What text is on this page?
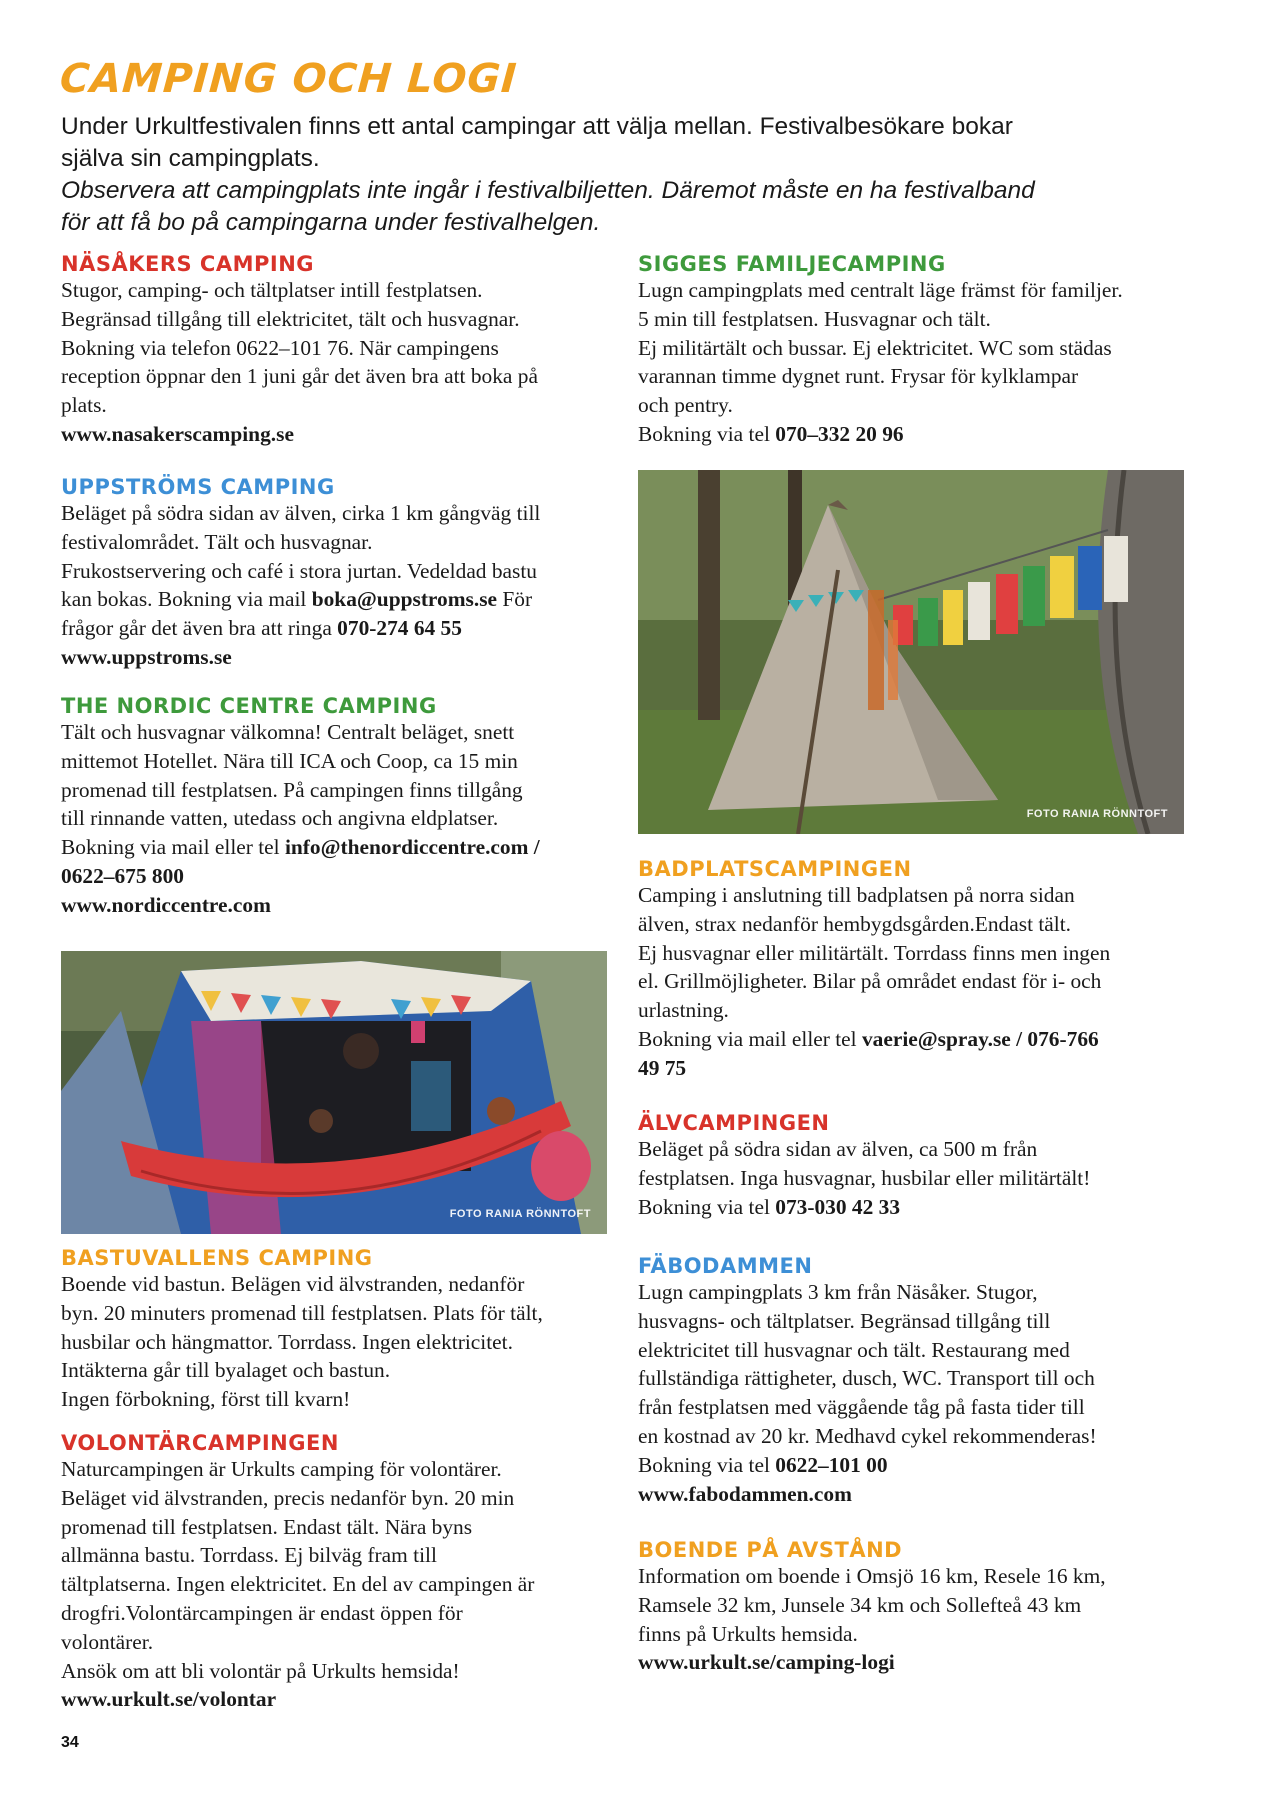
CAMPING OCH LOGI
Under Urkultfestivalen finns ett antal campingar att välja mellan. Festivalbesökare bokar
själva sin campingplats.
Observera att campingplats inte ingår i festivalbiljetten. Däremot måste en ha festivalband
för att få bo på campingarna under festivalhelgen.
NÄSÅKERS CAMPING
Stugor, camping- och tältplatser intill festplatsen.
Begränsad tillgång till elektricitet, tält och husvagnar.
Bokning via telefon 0622–101 76. När campingens
reception öppnar den 1 juni går det även bra att boka på
plats.
www.nasakerscamping.se
UPPSTRÖMS CAMPING
Beläget på södra sidan av älven, cirka 1 km gångväg till
festivalområdet. Tält och husvagnar.
Frukostservering och café i stora jurtan. Vedeldad bastu
kan bokas. Bokning via mail boka@uppstroms.se För
frågor går det även bra att ringa 070-274 64 55
www.uppstroms.se
THE NORDIC CENTRE CAMPING
Tält och husvagnar välkomna! Centralt beläget, snett
mittemot Hotellet. Nära till ICA och Coop, ca 15 min
promenad till festplatsen. På campingen finns tillgång
till rinnande vatten, utedass och angivna eldplatser.
Bokning via mail eller tel info@thenordiccentre.com /
0622–675 800
www.nordiccentre.com
FOTO RANIA RÖNNTOFT
BASTUVALLENS CAMPING
Boende vid bastun. Belägen vid älvstranden, nedanför
byn. 20 minuters promenad till festplatsen. Plats för tält,
husbilar och hängmattor. Torrdass. Ingen elektricitet.
Intäkterna går till byalaget och bastun.
Ingen förbokning, först till kvarn!
VOLONTÄRCAMPINGEN
Naturcampingen är Urkults camping för volontärer.
Beläget vid älvstranden, precis nedanför byn. 20 min
promenad till festplatsen. Endast tält. Nära byns
allmänna bastu. Torrdass. Ej bilväg fram till
tältplatserna. Ingen elektricitet. En del av campingen är
drogfri.Volontärcampingen är endast öppen för
volontärer.
Ansök om att bli volontär på Urkults hemsida!
www.urkult.se/volontar
SIGGES FAMILJECAMPING
Lugn campingplats med centralt läge främst för familjer.
5 min till festplatsen. Husvagnar och tält.
Ej militärtält och bussar. Ej elektricitet. WC som städas
varannan timme dygnet runt. Frysar för kylklampar
och pentry.
Bokning via tel 070–332 20 96
FOTO RANIA RÖNNTOFT
BADPLATSCAMPINGEN
Camping i anslutning till badplatsen på norra sidan
älven, strax nedanför hembygdsgården.Endast tält.
Ej husvagnar eller militärtält. Torrdass finns men ingen
el. Grillmöjligheter. Bilar på området endast för i- och
urlastning.
Bokning via mail eller tel vaerie@spray.se / 076-766
49 75
ÄLVCAMPINGEN
Beläget på södra sidan av älven, ca 500 m från
festplatsen. Inga husvagnar, husbilar eller militärtält!
Bokning via tel 073-030 42 33
FÄBODAMMEN
Lugn campingplats 3 km från Näsåker. Stugor,
husvagns- och tältplatser. Begränsad tillgång till
elektricitet till husvagnar och tält. Restaurang med
fullständiga rättigheter, dusch, WC. Transport till och
från festplatsen med väggående tåg på fasta tider till
en kostnad av 20 kr. Medhavd cykel rekommenderas!
Bokning via tel 0622–101 00
www.fabodammen.com
BOENDE PÅ AVSTÅND
Information om boende i Omsjö 16 km, Resele 16 km,
Ramsele 32 km, Junsele 34 km och Sollefteå 43 km
finns på Urkults hemsida.
www.urkult.se/camping-logi
34
